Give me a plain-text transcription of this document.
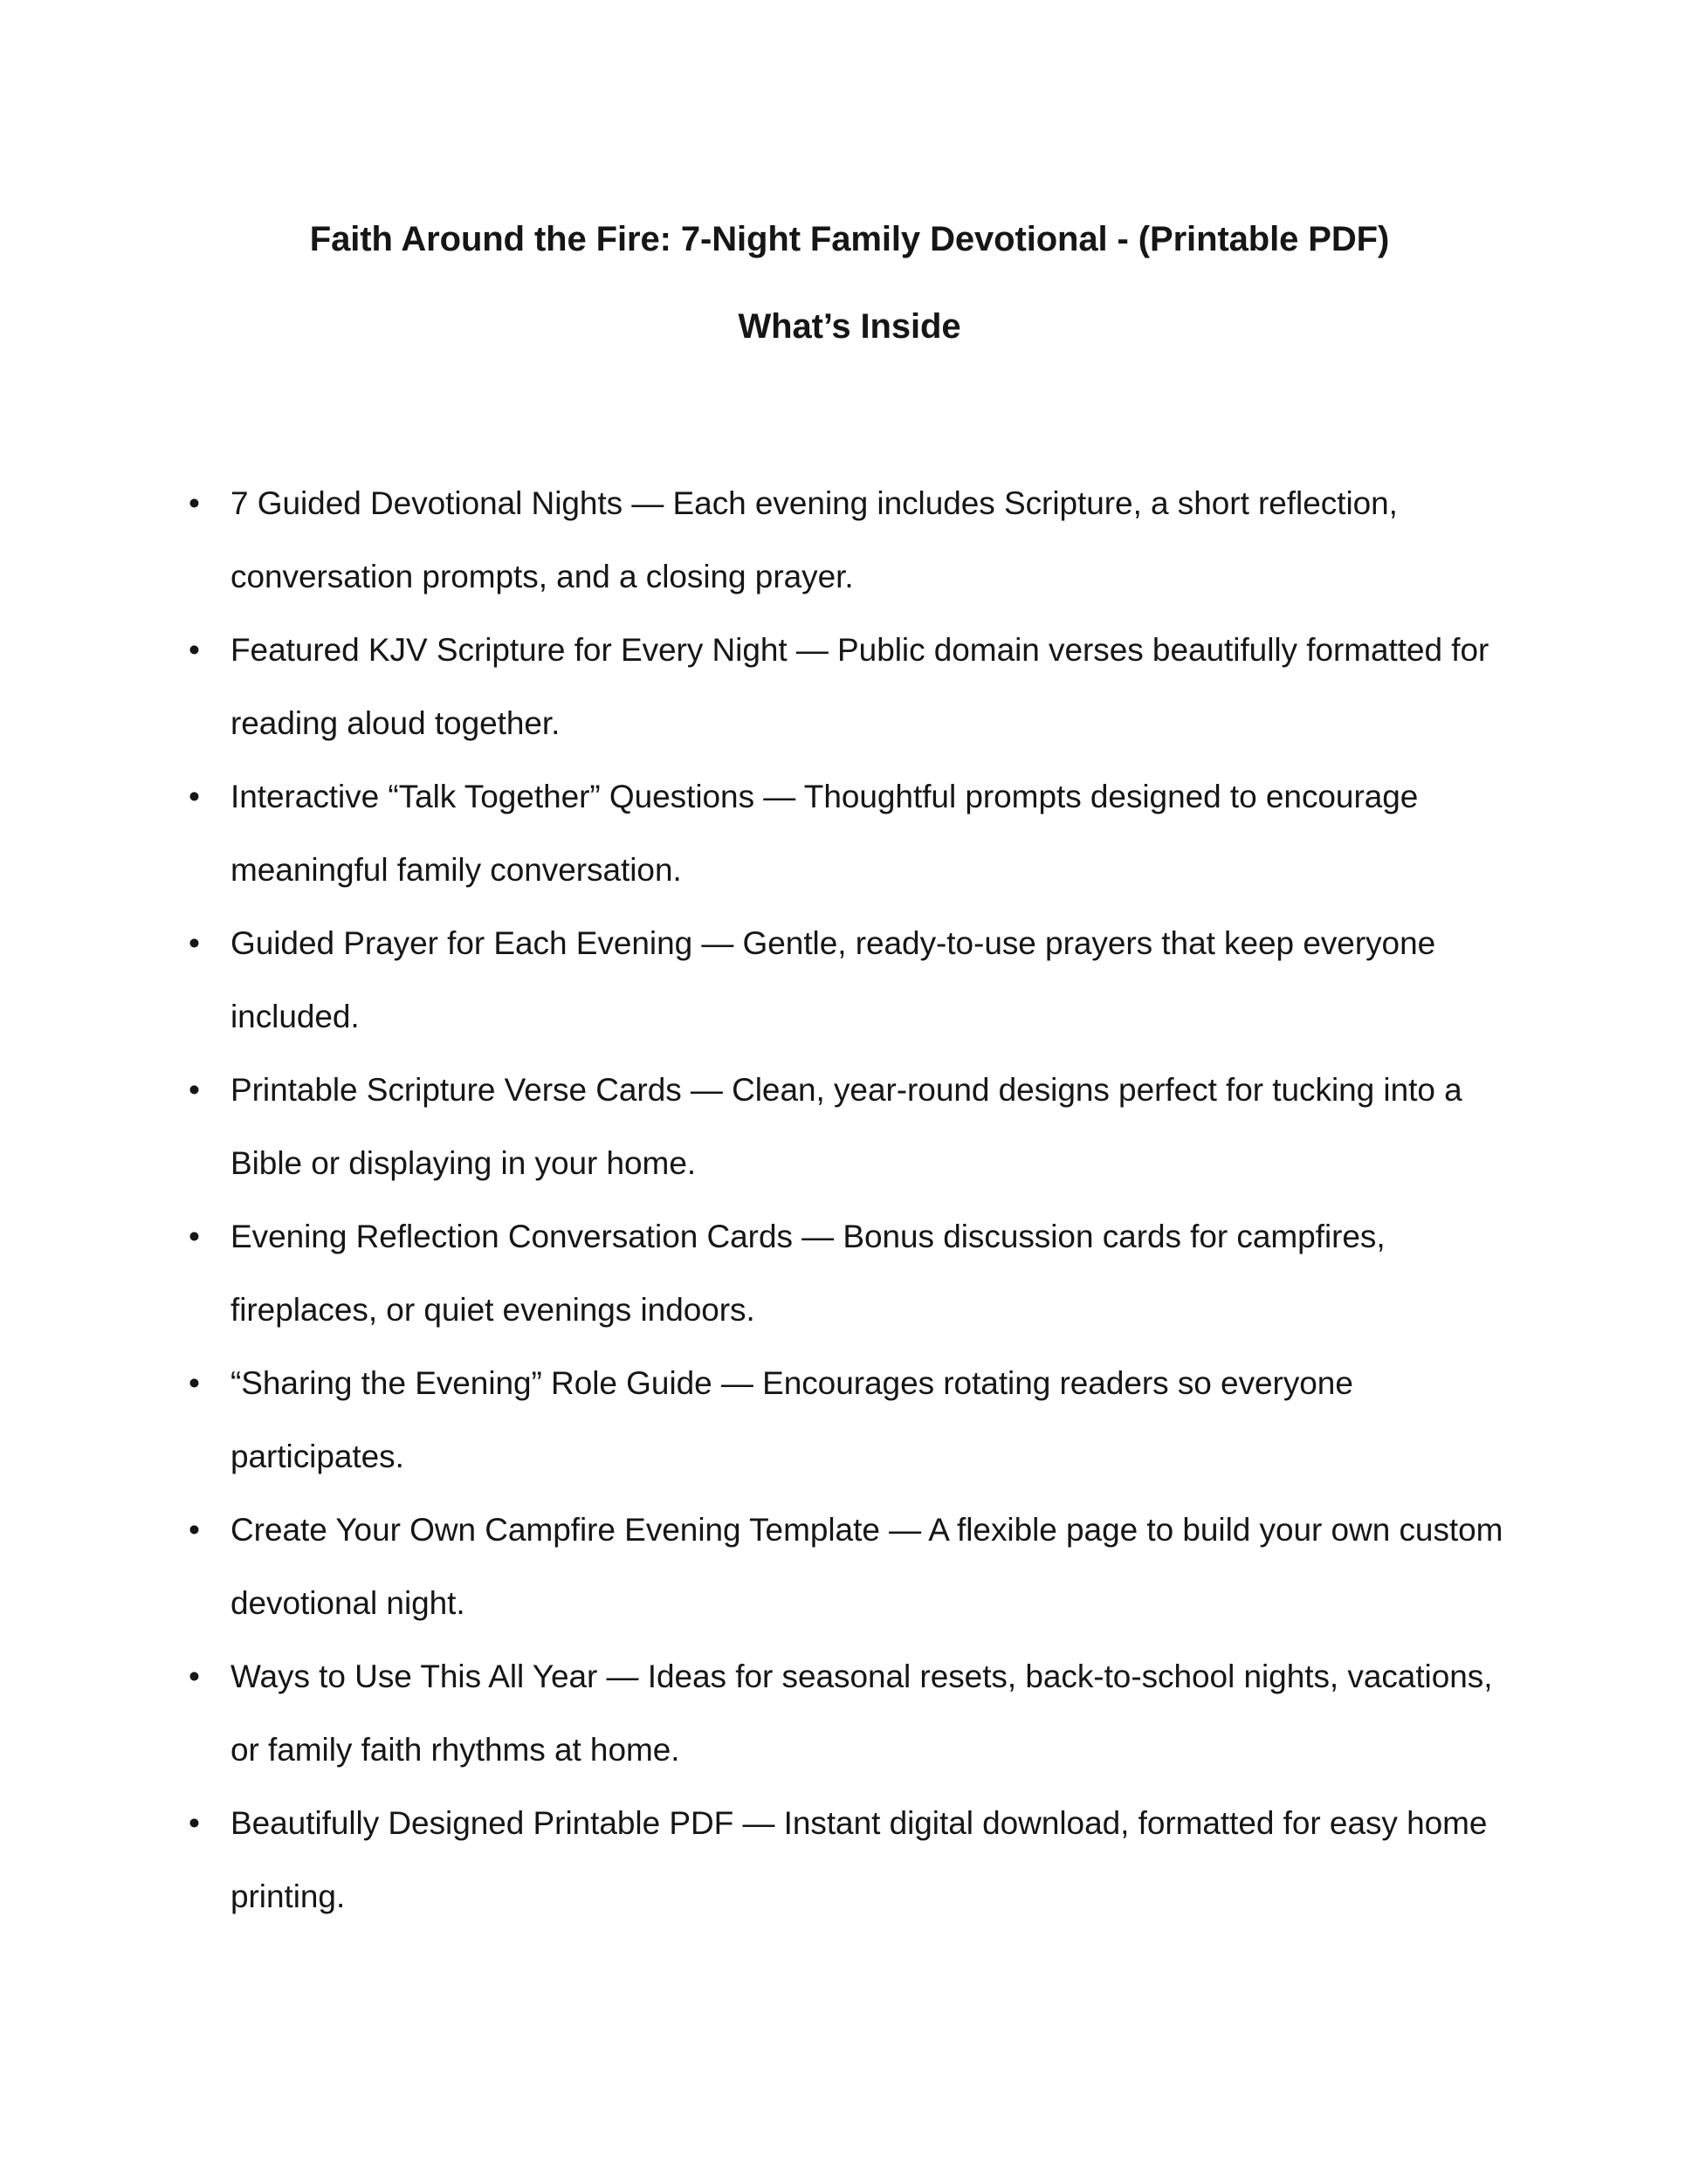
Faith Around the Fire: 7-Night Family Devotional - (Printable PDF)
What’s Inside
• 7 Guided Devotional Nights — Each evening includes Scripture, a short reflection, conversation prompts, and a closing prayer.
• Featured KJV Scripture for Every Night — Public domain verses beautifully formatted for reading aloud together.
• Interactive “Talk Together” Questions — Thoughtful prompts designed to encourage meaningful family conversation.
• Guided Prayer for Each Evening — Gentle, ready-to-use prayers that keep everyone included.
• Printable Scripture Verse Cards — Clean, year-round designs perfect for tucking into a Bible or displaying in your home.
• Evening Reflection Conversation Cards — Bonus discussion cards for campfires, fireplaces, or quiet evenings indoors.
• “Sharing the Evening” Role Guide — Encourages rotating readers so everyone participates.
• Create Your Own Campfire Evening Template — A flexible page to build your own custom devotional night.
• Ways to Use This All Year — Ideas for seasonal resets, back-to-school nights, vacations, or family faith rhythms at home.
• Beautifully Designed Printable PDF — Instant digital download, formatted for easy home printing.
